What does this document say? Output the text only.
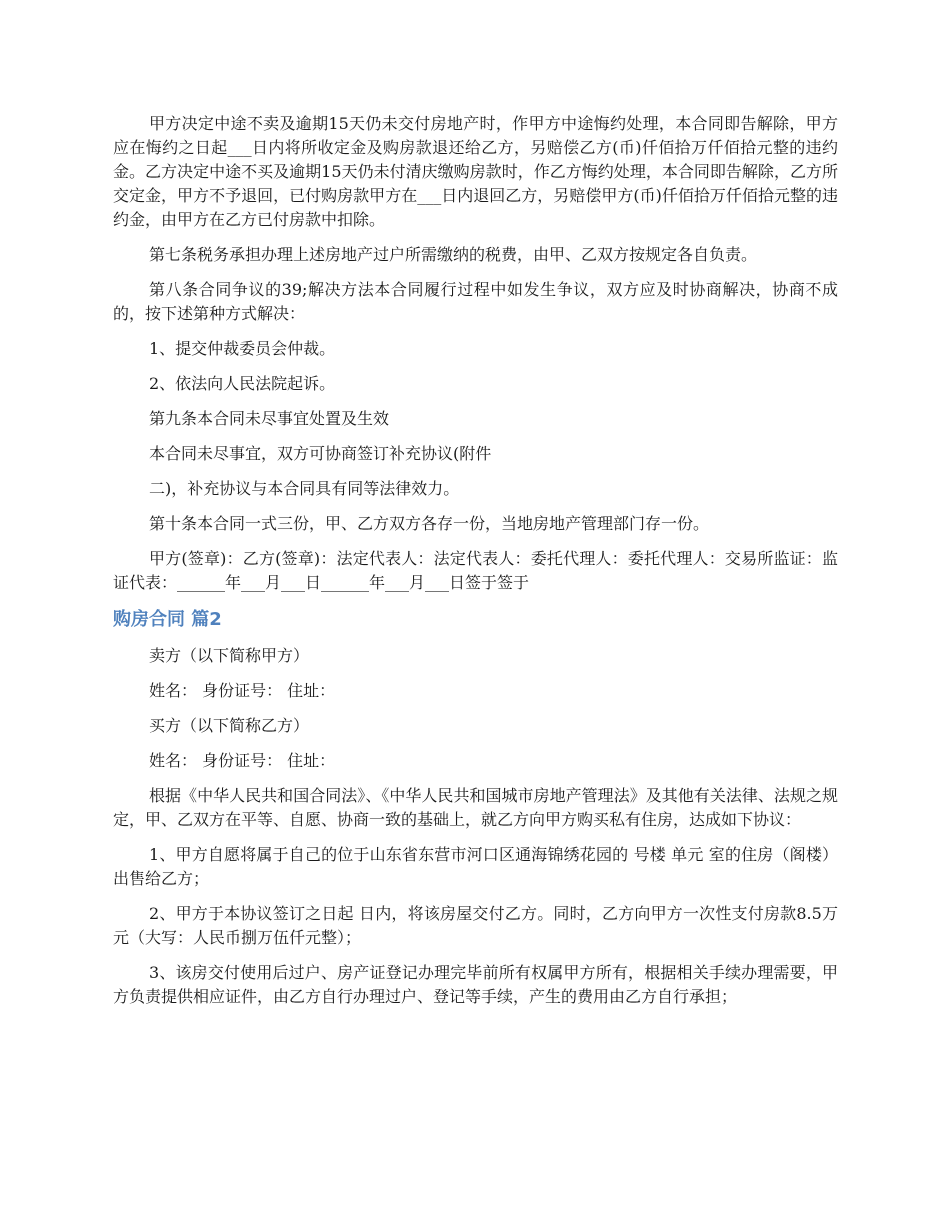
甲方决定中途不卖及逾期15天仍未交付房地产时，作甲方中途悔约处理，本合同即告解除，甲方应在悔约之日起___日内将所收定金及购房款退还给乙方，另赔偿乙方(币)仟佰拾万仟佰拾元整的违约金。乙方决定中途不买及逾期15天仍未付清庆缴购房款时，作乙方悔约处理，本合同即告解除，乙方所交定金，甲方不予退回，已付购房款甲方在___日内退回乙方，另赔偿甲方(币)仟佰拾万仟佰拾元整的违约金，由甲方在乙方已付房款中扣除。

第七条税务承担办理上述房地产过户所需缴纳的税费，由甲、乙双方按规定各自负责。

第八条合同争议的39;解决方法本合同履行过程中如发生争议，双方应及时协商解决，协商不成的，按下述第种方式解决：

1、提交仲裁委员会仲裁。

2、依法向人民法院起诉。

第九条本合同未尽事宜处置及生效

本合同未尽事宜，双方可协商签订补充协议(附件

二)，补充协议与本合同具有同等法律效力。

第十条本合同一式三份，甲、乙方双方各存一份，当地房地产管理部门存一份。

甲方(签章)：乙方(签章)：法定代表人：法定代表人：委托代理人：委托代理人：交易所监证：监证代表：______年___月___日______年___月___日签于签于

购房合同 篇2

卖方（以下简称甲方）

姓名： 身份证号： 住址：

买方（以下简称乙方）

姓名： 身份证号： 住址：

根据《中华人民共和国合同法》、《中华人民共和国城市房地产管理法》及其他有关法律、法规之规定，甲、乙双方在平等、自愿、协商一致的基础上，就乙方向甲方购买私有住房，达成如下协议：

1、甲方自愿将属于自己的位于山东省东营市河口区通海锦绣花园的 号楼 单元 室的住房（阁楼）出售给乙方；

2、甲方于本协议签订之日起 日内，将该房屋交付乙方。同时，乙方向甲方一次性支付房款8.5万元（大写：人民币捌万伍仟元整）；

3、该房交付使用后过户、房产证登记办理完毕前所有权属甲方所有，根据相关手续办理需要，甲方负责提供相应证件，由乙方自行办理过户、登记等手续，产生的费用由乙方自行承担；
